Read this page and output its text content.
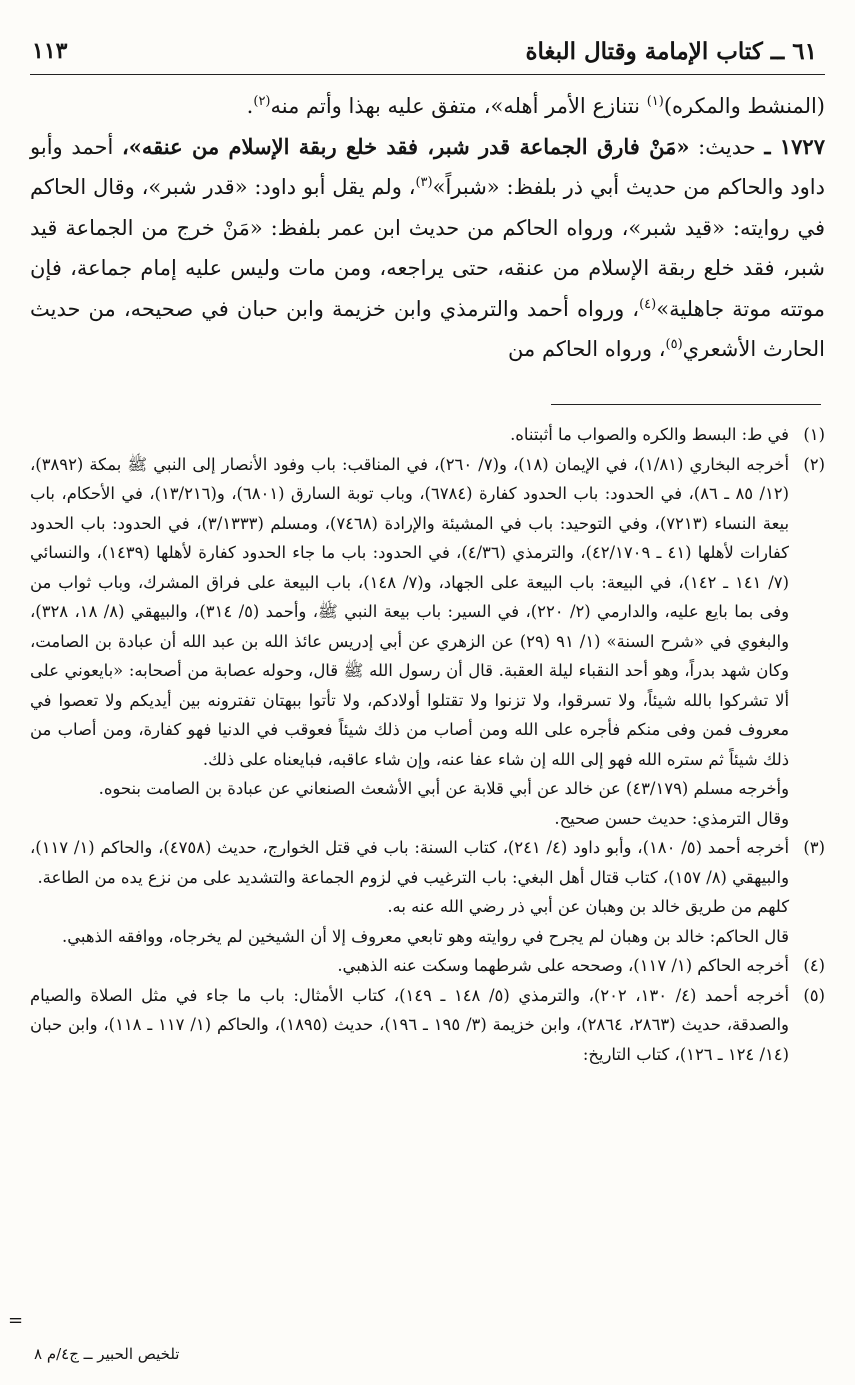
٦١ ــ كتاب الإمامة وقتال البغاة
١١٣

(المنشط والمكره)$^{(١)}$ نتنازع الأمر أهله»، متفق عليه بهذا وأتم منه$^{(٢)}$.

١٧٢٧ ـ حديث: «مَنْ فارق الجماعة قدر شبر، فقد خلع ربقة الإسلام من عنقه»، أحمد وأبو داود والحاكم من حديث أبي ذر بلفظ: «شبراً»$^{(٣)}$، ولم يقل أبو داود: «قدر شبر»، وقال الحاكم في روايته: «قيد شبر»، ورواه الحاكم من حديث ابن عمر بلفظ: «مَنْ خرج من الجماعة قيد شبر، فقد خلع ربقة الإسلام من عنقه، حتى يراجعه، ومن مات وليس عليه إمام جماعة، فإن موتته موتة جاهلية»$^{(٤)}$، ورواه أحمد والترمذي وابن خزيمة وابن حبان في صحيحه، من حديث الحارث الأشعري$^{(٥)}$، ورواه الحاكم من

(١)

في ط: البسط والكره والصواب ما أثبتناه.

(٢)

أخرجه البخاري (١/٨١)، في الإيمان (١٨)، و(٧/ ٢٦٠)، في المناقب: باب وفود الأنصار إلى النبي ﷺ بمكة (٣٨٩٢)، (١٢/ ٨٥ ـ ٨٦)، في الحدود: باب الحدود كفارة (٦٧٨٤)، وباب توبة السارق (٦٨٠١)، و(١٣/٢١٦)، في الأحكام، باب بيعة النساء (٧٢١٣)، وفي التوحيد: باب في المشيئة والإرادة (٧٤٦٨)، ومسلم (٣/١٣٣٣)، في الحدود: باب الحدود كفارات لأهلها (٤١ ـ ٤٢/١٧٠٩)، والترمذي (٤/٣٦)، في الحدود: باب ما جاء الحدود كفارة لأهلها (١٤٣٩)، والنسائي (٧/ ١٤١ ـ ١٤٢)، في البيعة: باب البيعة على الجهاد، و(٧/ ١٤٨)، باب البيعة على فراق المشرك، وباب ثواب من وفى بما بايع عليه، والدارمي (٢/ ٢٢٠)، في السير: باب بيعة النبي ﷺ، وأحمد (٥/ ٣١٤)، والبيهقي (٨/ ١٨، ٣٢٨)، والبغوي في «شرح السنة» (١/ ٩١ (٢٩) عن الزهري عن أبي إدريس عائذ الله بن عبد الله أن عبادة بن الصامت، وكان شهد بدراً، وهو أحد النقباء ليلة العقبة. قال أن رسول الله ﷺ قال، وحوله عصابة من أصحابه: «بايعوني على ألا تشركوا بالله شيئاً، ولا تسرقوا، ولا تزنوا ولا تقتلوا أولادكم، ولا تأتوا ببهتان تفترونه بين أيديكم ولا تعصوا في معروف فمن وفى منكم فأجره على الله ومن أصاب من ذلك شيئاً فعوقب في الدنيا فهو كفارة، ومن أصاب من ذلك شيئاً ثم ستره الله فهو إلى الله إن شاء عفا عنه، وإن شاء عاقبه، فبايعناه على ذلك.

وأخرجه مسلم (٤٣/١٧٩) عن خالد عن أبي قلابة عن أبي الأشعث الصنعاني عن عبادة بن الصامت بنحوه.

وقال الترمذي: حديث حسن صحيح.

(٣)

أخرجه أحمد (٥/ ١٨٠)، وأبو داود (٤/ ٢٤١)، كتاب السنة: باب في قتل الخوارج، حديث (٤٧٥٨)، والحاكم (١/ ١١٧)، والبيهقي (٨/ ١٥٧)، كتاب قتال أهل البغي: باب الترغيب في لزوم الجماعة والتشديد على من نزع يده من الطاعة.

كلهم من طريق خالد بن وهبان عن أبي ذر رضي الله عنه به.

قال الحاكم: خالد بن وهبان لم يجرح في روايته وهو تابعي معروف إلا أن الشيخين لم يخرجاه، ووافقه الذهبي.

(٤)

أخرجه الحاكم (١/ ١١٧)، وصححه على شرطهما وسكت عنه الذهبي.

(٥)

أخرجه أحمد (٤/ ١٣٠، ٢٠٢)، والترمذي (٥/ ١٤٨ ـ ١٤٩)، كتاب الأمثال: باب ما جاء في مثل الصلاة والصيام والصدقة، حديث (٢٨٦٣، ٢٨٦٤)، وابن خزيمة (٣/ ١٩٥ ـ ١٩٦)، حديث (١٨٩٥)، والحاكم (١/ ١١٧ ـ ١١٨)، وابن حبان (١٤/ ١٢٤ ـ ١٢٦)، كتاب التاريخ:

=
تلخيص الحبير ــ ج٤/م ٨
